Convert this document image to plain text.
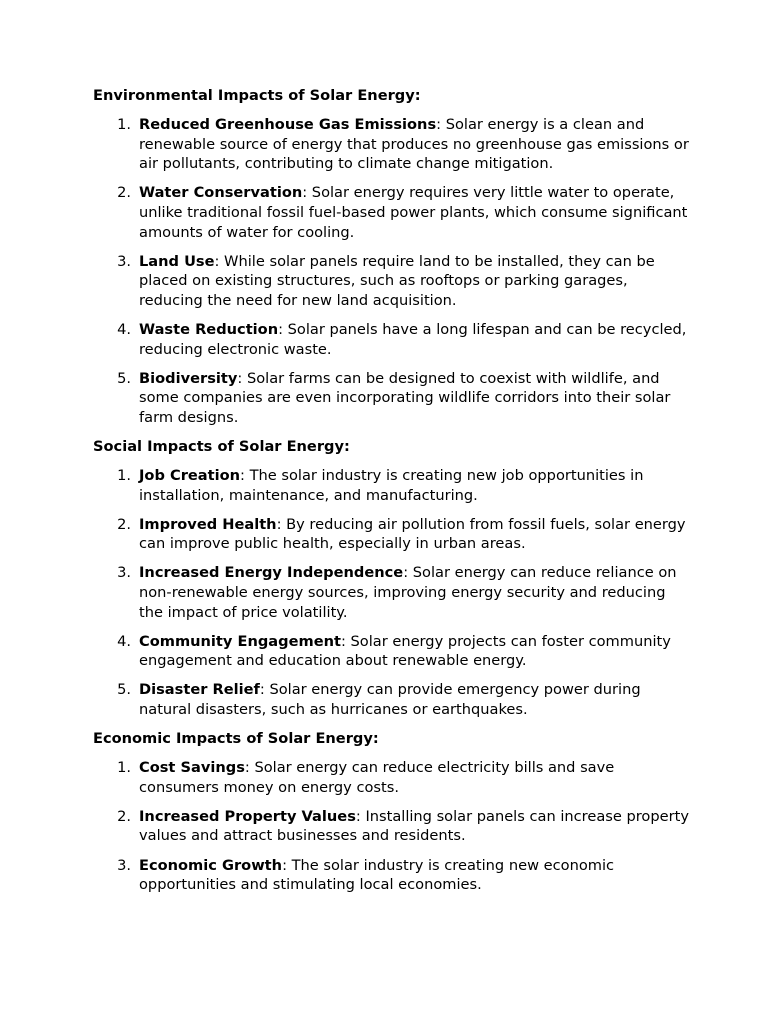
Environmental Impacts of Solar Energy:
1. Reduced Greenhouse Gas Emissions: Solar energy is a clean and renewable source of energy that produces no greenhouse gas emissions or air pollutants, contributing to climate change mitigation.
2. Water Conservation: Solar energy requires very little water to operate, unlike traditional fossil fuel-based power plants, which consume significant amounts of water for cooling.
3. Land Use: While solar panels require land to be installed, they can be placed on existing structures, such as rooftops or parking garages, reducing the need for new land acquisition.
4. Waste Reduction: Solar panels have a long lifespan and can be recycled, reducing electronic waste.
5. Biodiversity: Solar farms can be designed to coexist with wildlife, and some companies are even incorporating wildlife corridors into their solar farm designs.
Social Impacts of Solar Energy:
1. Job Creation: The solar industry is creating new job opportunities in installation, maintenance, and manufacturing.
2. Improved Health: By reducing air pollution from fossil fuels, solar energy can improve public health, especially in urban areas.
3. Increased Energy Independence: Solar energy can reduce reliance on non-renewable energy sources, improving energy security and reducing the impact of price volatility.
4. Community Engagement: Solar energy projects can foster community engagement and education about renewable energy.
5. Disaster Relief: Solar energy can provide emergency power during natural disasters, such as hurricanes or earthquakes.
Economic Impacts of Solar Energy:
1. Cost Savings: Solar energy can reduce electricity bills and save consumers money on energy costs.
2. Increased Property Values: Installing solar panels can increase property values and attract businesses and residents.
3. Economic Growth: The solar industry is creating new economic opportunities and stimulating local economies.
